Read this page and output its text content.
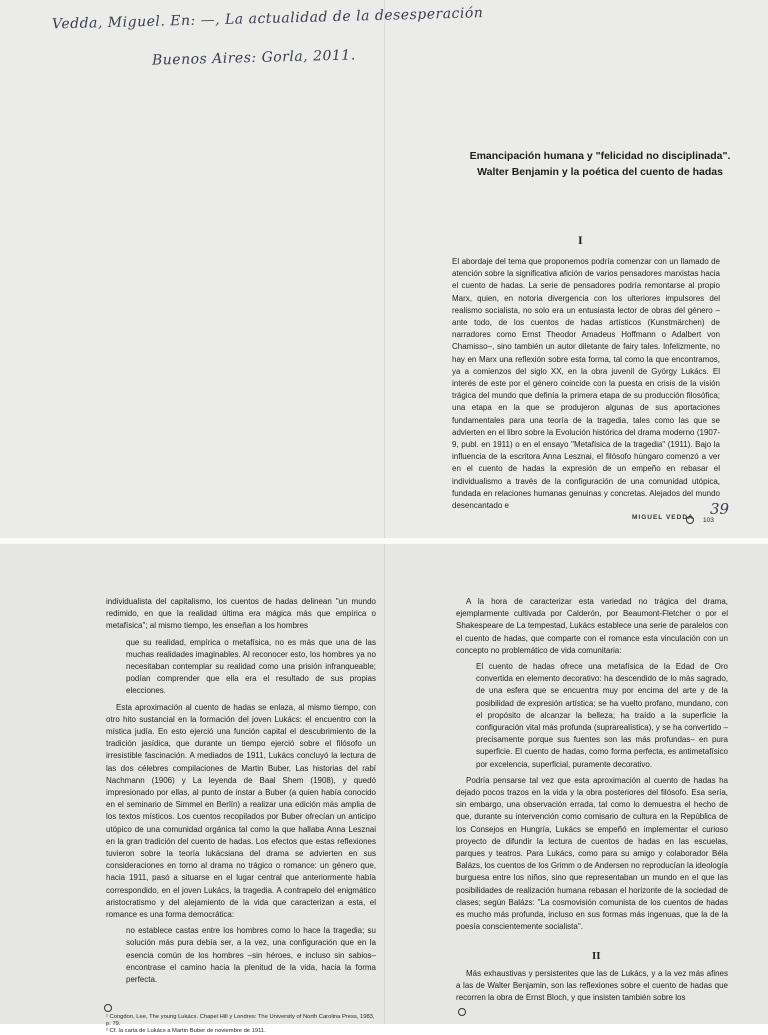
Vedda, Miguel. En: —, La actualidad de la desesperación
Buenos Aires: Gorla, 2011.
Emancipación humana y "felicidad no disciplinada".
Walter Benjamin y la poética del cuento de hadas
I

El abordaje del tema que proponemos podría comenzar con un llamado de atención sobre la significativa afición de varios pensadores marxistas hacia el cuento de hadas. La serie de pensadores podría remontarse al propio Marx, quien, en notoria divergencia con los ulteriores impulsores del realismo socialista, no solo era un entusiasta lector de obras del género –ante todo, de los cuentos de hadas artísticos (Kunstmärchen) de narradores como Ernst Theodor Amadeus Hoffmann o Adalbert von Chamisso–, sino también un autor diletante de fairy tales. Infelizmente, no hay en Marx una reflexión sobre esta forma, tal como la que encontramos, ya a comienzos del siglo XX, en la obra juvenil de György Lukács. El interés de este por el género coincide con la puesta en crisis de la visión trágica del mundo que definía la primera etapa de su producción filosófica; una etapa en la que se produjeron algunas de sus aportaciones fundamentales para una teoría de la tragedia, tales como las que se advierten en el libro sobre la Evolución histórica del drama moderno (1907-9, publ. en 1911) o en el ensayo "Metafísica de la tragedia" (1911). Bajo la influencia de la escritora Anna Lesznai, el filósofo húngaro comenzó a ver en el cuento de hadas la expresión de un empeño en rebasar el individualismo a través de la configuración de una comunidad utópica, fundada en relaciones humanas genuinas y concretas. Alejados del mundo desencantado e

MIGUEL VEDDA 103
39

individualista del capitalismo, los cuentos de hadas delinean "un mundo redimido, en que la realidad última era mágica más que empírica o metafísica"; al mismo tiempo, les enseñan a los hombres

que su realidad, empírica o metafísica, no es más que una de las muchas realidades imaginables. Al reconocer esto, los hombres ya no necesitaban contemplar su realidad como una prisión infranqueable; podían comprender que ella era el resultado de sus propias elecciones.

Esta aproximación al cuento de hadas se enlaza, al mismo tiempo, con otro hito sustancial en la formación del joven Lukács: el encuentro con la mística judía. En esto ejerció una función capital el descubrimiento de la tradición jasídica, que durante un tiempo ejerció sobre el filósofo un irresistible fascinación. A mediados de 1911, Lukács concluyó la lectura de las dos célebres compilaciones de Martin Buber, Las historias del rabí Nachmann (1906) y La leyenda de Baal Shem (1908), y quedó impresionado por ellas, al punto de instar a Buber (a quien había conocido en el seminario de Simmel en Berlín) a realizar una edición más amplia de los textos místicos. Los cuentos recopilados por Buber ofrecían un anticipo utópico de una comunidad orgánica tal como la que hallaba Anna Lesznai en la gran tradición del cuento de hadas. Los efectos que estas reflexiones tuvieron sobre la teoría lukácsiana del drama se advierten en sus consideraciones en torno al drama no trágico o romance: un género que, hacia 1911, pasó a situarse en el lugar central que anteriormente había correspondido, en el joven Lukács, la tragedia. A contrapelo del enigmático aristocratismo y del alejamiento de la vida que caracterizan a esta, el romance es una forma democrática:

no establece castas entre los hombres como lo hace la tragedia; su solución más pura debía ser, a la vez, una configuración que en la esencia común de los hombres –sin héroes, e incluso sin sabios– encontrase el camino hacia la plenitud de la vida, hacia la forma perfecta.
¹ Congdon, Lee, The young Lukács. Chapel Hill y Londres: The University of North Carolina Press, 1983, p. 79.
² Cf. la carta de Lukács a Martin Buber de noviembre de 1911.

A la hora de caracterizar esta variedad no trágica del drama, ejemplarmente cultivada por Calderón, por Beaumont-Fletcher o por el Shakespeare de La tempestad, Lukács establece una serie de paralelos con el cuento de hadas, que comparte con el romance esta vinculación con un concepto no problemático de vida comunitaria:

El cuento de hadas ofrece una metafísica de la Edad de Oro convertida en elemento decorativo: ha descendido de lo más sagrado, de una esfera que se encuentra muy por encima del arte y de la posibilidad de expresión artística; se ha vuelto profano, mundano, con el propósito de alcanzar la belleza; ha traído a la superficie la configuración vital más profunda (suprarealística), y se ha convertido –precisamente porque sus fuentes son las más profundas– en pura superficie. El cuento de hadas, como forma perfecta, es antimetafísico por excelencia, superficial, puramente decorativo.

Podría pensarse tal vez que esta aproximación al cuento de hadas ha dejado pocos trazos en la vida y la obra posteriores del filósofo. Esa sería, sin embargo, una observación errada, tal como lo demuestra el hecho de que, durante su intervención como comisario de cultura en la República de los Consejos en Hungría, Lukács se empeñó en implementar el curioso proyecto de difundir la lectura de cuentos de hadas en las escuelas, parques y teatros. Para Lukács, como para su amigo y colaborador Béla Balázs, los cuentos de los Grimm o de Andersen no reproducían la ideología burguesa entre los niños, sino que representaban un mundo en el que las posibilidades de realización humana rebasan el horizonte de la sociedad de clases; según Balázs: "La cosmovisión comunista de los cuentos de hadas es mucho más profunda, incluso en sus formas más ingenuas, que la de la poesía conscientemente socialista".

II

Más exhaustivas y persistentes que las de Lukács, y a la vez más afines a las de Walter Benjamin, son las reflexiones sobre el cuento de hadas que recorren la obra de Ernst Bloch, y que insisten también sobre los
